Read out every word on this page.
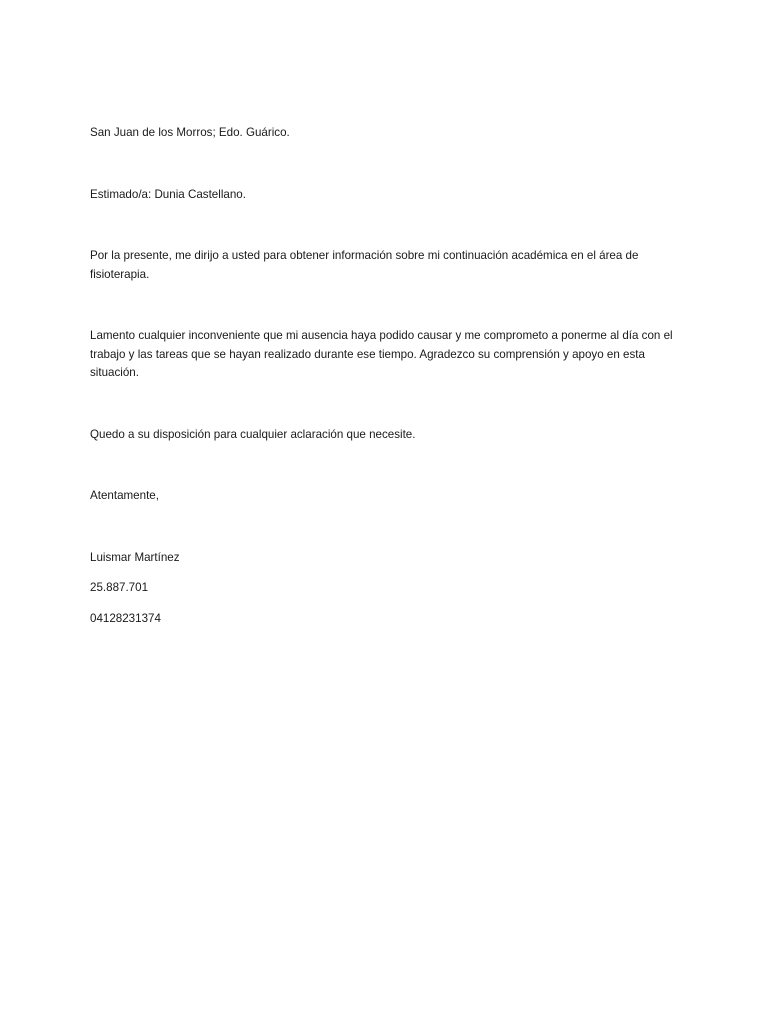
San Juan de los Morros; Edo. Guárico.

Estimado/a: Dunia Castellano.

Por la presente, me dirijo a usted para obtener información sobre mi continuación académica en el área de fisioterapia.

Lamento cualquier inconveniente que mi ausencia haya podido causar y me comprometo a ponerme al día con el trabajo y las tareas que se hayan realizado durante ese tiempo. Agradezco su comprensión y apoyo en esta situación.

Quedo a su disposición para cualquier aclaración que necesite.

Atentamente,

Luismar Martínez

25.887.701

04128231374
